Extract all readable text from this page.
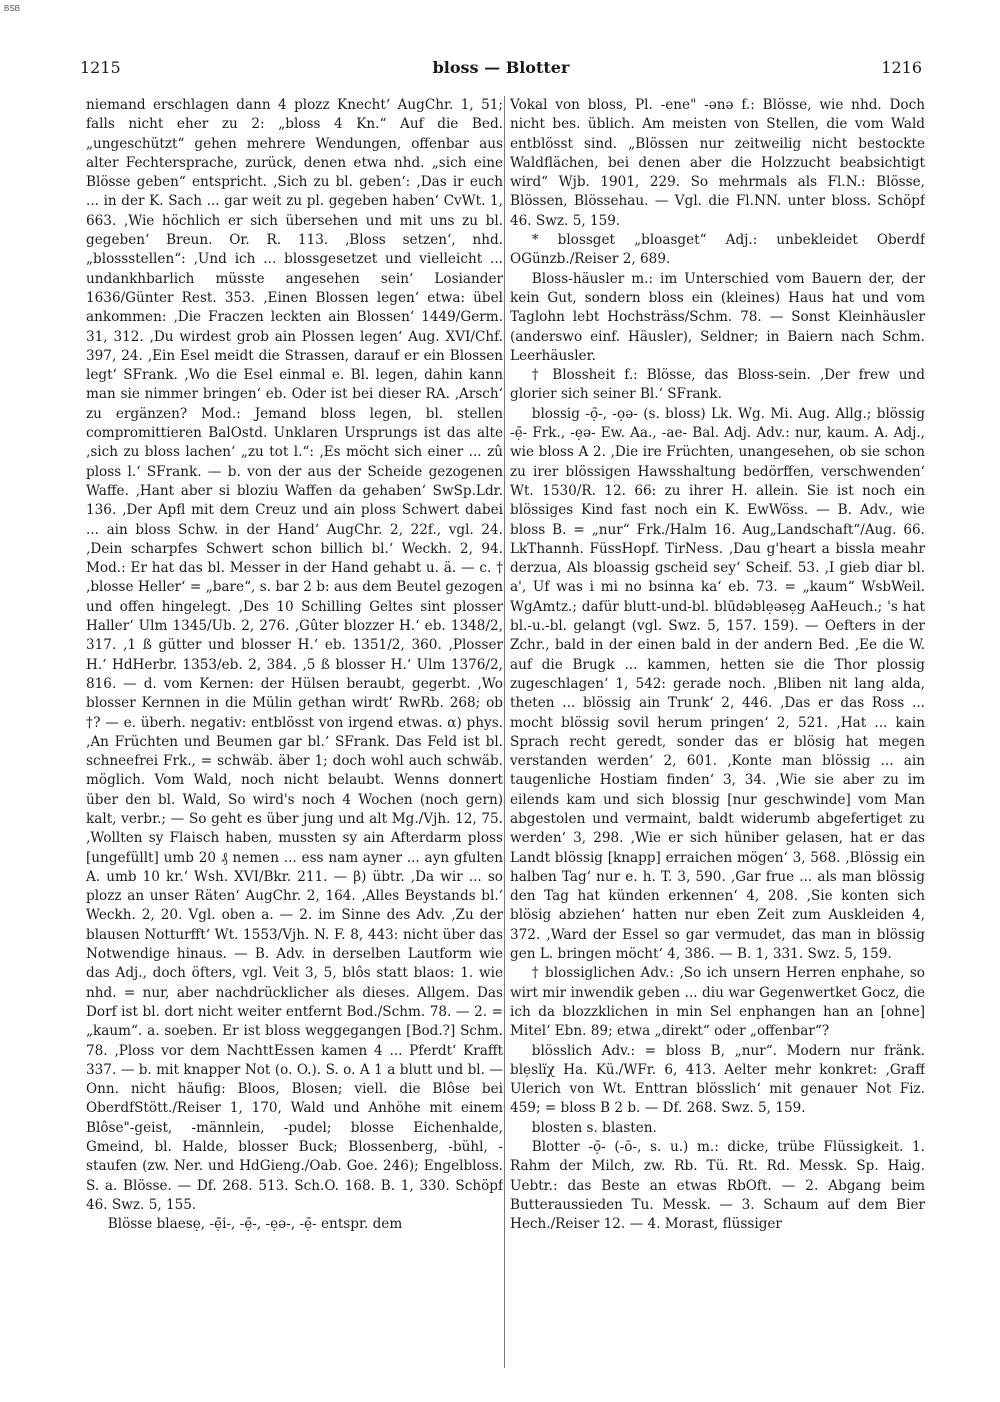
BSB
1215	bloss — Blotter	1216

niemand erschlagen dann 4 plozz Knecht‘ AugChr. 1, 51; falls nicht eher zu 2: „bloss 4 Kn.“ Auf die Bed. „ungeschützt“ gehen mehrere Wendungen, offenbar aus alter Fechtersprache, zurück, denen etwa nhd. „sich eine Blösse geben“ entspricht. ‚Sich zu bl. geben‘: ‚Das ir euch ... in der K. Sach ... gar weit zu pl. gegeben haben‘ CvWt. 1, 663. ‚Wie höchlich er sich übersehen und mit uns zu bl. gegeben‘ Breun. Or. R. 113. ‚Bloss setzen‘, nhd. „blossstellen“: ‚Und ich ... blossgesetzet und vielleicht ... undankhbarlich müsste angesehen sein‘ Losiander 1636/Günter Rest. 353. ‚Einen Blossen legen‘ etwa: übel ankommen: ‚Die Fraczen leckten ain Blossen‘ 1449/Germ. 31, 312. ‚Du wirdest grob ain Plossen legen‘ Aug. XVI/Chf. 397, 24. ‚Ein Esel meidt die Strassen, darauf er ein Blossen legt‘ SFrank. ‚Wo die Esel einmal e. Bl. legen, dahin kann man sie nimmer bringen‘ eb. Oder ist bei dieser RA. ‚Arsch‘ zu ergänzen? Mod.: Jemand bloss legen, bl. stellen compromittieren BalOstd. Unklaren Ursprungs ist das alte ‚sich zu bloss lachen‘ „zu tot l.“: ‚Es möcht sich einer ... zû ploss l.‘ SFrank. — b. von der aus der Scheide gezogenen Waffe. ‚Hant aber si bloziu Waffen da gehaben‘ SwSp.Ldr. 136. ‚Der Apfl mit dem Creuz und ain ploss Schwert dabei ... ain bloss Schw. in der Hand‘ AugChr. 2, 22f., vgl. 24. ‚Dein scharpfes Schwert schon billich bl.‘ Weckh. 2, 94. Mod.: Er hat das bl. Messer in der Hand gehabt u. ä. — c. † ‚blosse Heller‘ = „bare“, s. bar 2 b: aus dem Beutel gezogen und offen hingelegt. ‚Des 10 Schilling Geltes sint plosser Haller‘ Ulm 1345/Ub. 2, 276. ‚Gûter blozzer H.‘ eb. 1348/2, 317. ‚1 ß gütter und blosser H.‘ eb. 1351/2, 360. ‚Plosser H.‘ HdHerbr. 1353/eb. 2, 384. ‚5 ß blosser H.‘ Ulm 1376/2, 816. — d. vom Kernen: der Hülsen beraubt, gegerbt. ‚Wo blosser Kernnen in die Mülin gethan wirdt‘ RwRb. 268; ob †? — e. überh. negativ: entblösst von irgend etwas. α) phys. ‚An Früchten und Beumen gar bl.‘ SFrank. Das Feld ist bl. schneefrei Frk., = schwäb. äber 1; doch wohl auch schwäb. möglich. Vom Wald, noch nicht belaubt. Wenns donnert über den bl. Wald, So wird's noch 4 Wochen (noch gern) kalt, verbr.; — So geht es über jung und alt Mg./Vjh. 12, 75. ‚Wollten sy Flaisch haben, mussten sy ain Afterdarm ploss [ungefüllt] umb 20 ₰ nemen ... ess nam ayner ... ayn gfulten A. umb 10 kr.‘ Wsh. XVI/Bkr. 211. — β) übtr. ‚Da wir ... so plozz an unser Räten‘ AugChr. 2, 164. ‚Alles Beystands bl.‘ Weckh. 2, 20. Vgl. oben a. — 2. im Sinne des Adv. ‚Zu der blausen Notturfft‘ Wt. 1553/Vjh. N. F. 8, 443: nicht über das Notwendige hinaus. — B. Adv. in derselben Lautform wie das Adj., doch öfters, vgl. Veit 3, 5, blôs statt blaos: 1. wie nhd. = nur, aber nachdrücklicher als dieses. Allgem. Das Dorf ist bl. dort nicht weiter entfernt Bod./Schm. 78. — 2. = „kaum“. a. soeben. Er ist bloss weggegangen [Bod.?] Schm. 78. ‚Ploss vor dem NachttEssen kamen 4 ... Pferdt‘ Krafft 337. — b. mit knapper Not (o. O.). S. o. A 1 a blutt und bl. — Onn. nicht häufig: Bloos, Blosen; viell. die Blôse bei OberdfStött./Reiser 1, 170, Wald und Anhöhe mit einem Blôse"-geist, -männlein, -pudel; blosse Eichenhalde, Gmeind, bl. Halde, blosser Buck; Blossenberg, -bühl, -staufen (zw. Ner. und HdGieng./Oab. Goe. 246); Engelbloss. S. a. Blösse. — Df. 268. 513. Sch.O. 168. B. 1, 330. Schöpf 46. Swz. 5, 155.

Blösse blaesẹ, -ẹ̄i-, -ẹ̄-, -ẹə-, -ẹ̄- entspr. dem

Vokal von bloss, Pl. -ene" -ənə f.: Blösse, wie nhd. Doch nicht bes. üblich. Am meisten von Stellen, die vom Wald entblösst sind. „Blössen nur zeitweilig nicht bestockte Waldflächen, bei denen aber die Holzzucht beabsichtigt wird“ Wjb. 1901, 229. So mehrmals als Fl.N.: Blösse, Blössen, Blössehau. — Vgl. die Fl.NN. unter bloss. Schöpf 46. Swz. 5, 159.

* blossget „bloasget“ Adj.: unbekleidet Oberdf OGünzb./Reiser 2, 689.

Bloss-häusler m.: im Unterschied vom Bauern der, der kein Gut, sondern bloss ein (kleines) Haus hat und vom Taglohn lebt Hochsträss/Schm. 78. — Sonst Kleinhäusler (anderswo einf. Häusler), Seldner; in Baiern nach Schm. Leerhäusler.

† Blossheit f.: Blösse, das Bloss-sein. ‚Der frew und glorier sich seiner Bl.‘ SFrank.

blossig -ọ̄-, -ọə- (s. bloss) Lk. Wg. Mi. Aug. Allg.; blössig -ẹ̄- Frk., -ẹə- Ew. Aa., -ae- Bal. Adj. Adv.: nur, kaum. A. Adj., wie bloss A 2. ‚Die ire Früchten, unangesehen, ob sie schon zu irer blössigen Hawsshaltung bedörffen, verschwenden‘ Wt. 1530/R. 12. 66: zu ihrer H. allein. Sie ist noch ein blössiges Kind fast noch ein K. EwWöss. — B. Adv., wie bloss B. = „nur“ Frk./Halm 16. Aug„Landschaft“/Aug. 66. LkThannh. FüssHopf. TirNess. ‚Dau g'heart a bissla meahr derzua, Als bloassig gscheid sey‘ Scheif. 53. ‚I gieb diar bl. a', Uf was i mi no bsinna ka‘ eb. 73. = „kaum“ WsbWeil. WgAmtz.; dafür blutt-und-bl. blūdəblẹəsẹg AaHeuch.; 's hat bl.-u.-bl. gelangt (vgl. Swz. 5, 157. 159). — Oefters in der Zchr., bald in der einen bald in der andern Bed. ‚Ee die W. auf die Brugk ... kammen, hetten sie die Thor plossig zugeschlagen‘ 1, 542: gerade noch. ‚Bliben nit lang alda, theten ... blössig ain Trunk‘ 2, 446. ‚Das er das Ross ... mocht blössig sovil herum pringen‘ 2, 521. ‚Hat ... kain Sprach recht geredt, sonder das er blösig hat megen verstanden werden‘ 2, 601. ‚Konte man blössig ... ain taugenliche Hostiam finden‘ 3, 34. ‚Wie sie aber zu im eilends kam und sich blossig [nur geschwinde] vom Man abgestolen und vermaint, baldt widerumb abgefertiget zu werden‘ 3, 298. ‚Wie er sich hüniber gelasen, hat er das Landt blössig [knapp] erraichen mögen‘ 3, 568. ‚Blössig ein halben Tag‘ nur e. h. T. 3, 590. ‚Gar frue ... als man blössig den Tag hat künden erkennen‘ 4, 208. ‚Sie konten sich blösig abziehen‘ hatten nur eben Zeit zum Auskleiden 4, 372. ‚Ward der Essel so gar vermudet, das man in blössig gen L. bringen möcht‘ 4, 386. — B. 1, 331. Swz. 5, 159.

† blossiglichen Adv.: ‚So ich unsern Herren enphahe, so wirt mir inwendik geben ... diu war Gegenwertket Gocz, die ich da blozzklichen in min Sel enphangen han an [ohne] Mitel‘ Ebn. 89; etwa „direkt“ oder „offenbar“?

blösslich Adv.: = bloss B, „nur“. Modern nur fränk. blẹslïχ Ha. Kü./WFr. 6, 413. Aelter mehr konkret: ‚Graff Ulerich von Wt. Enttran blösslich‘ mit genauer Not Fiz. 459; = bloss B 2 b. — Df. 268. Swz. 5, 159.

blosten s. blasten.

Blotter -ọ̄- (-ō-, s. u.) m.: dicke, trübe Flüssigkeit. 1. Rahm der Milch, zw. Rb. Tü. Rt. Rd. Messk. Sp. Haig. Uebtr.: das Beste an etwas RbOft. — 2. Abgang beim Butteraussieden Tu. Messk. — 3. Schaum auf dem Bier Hech./Reiser 12. — 4. Morast, flüssiger
